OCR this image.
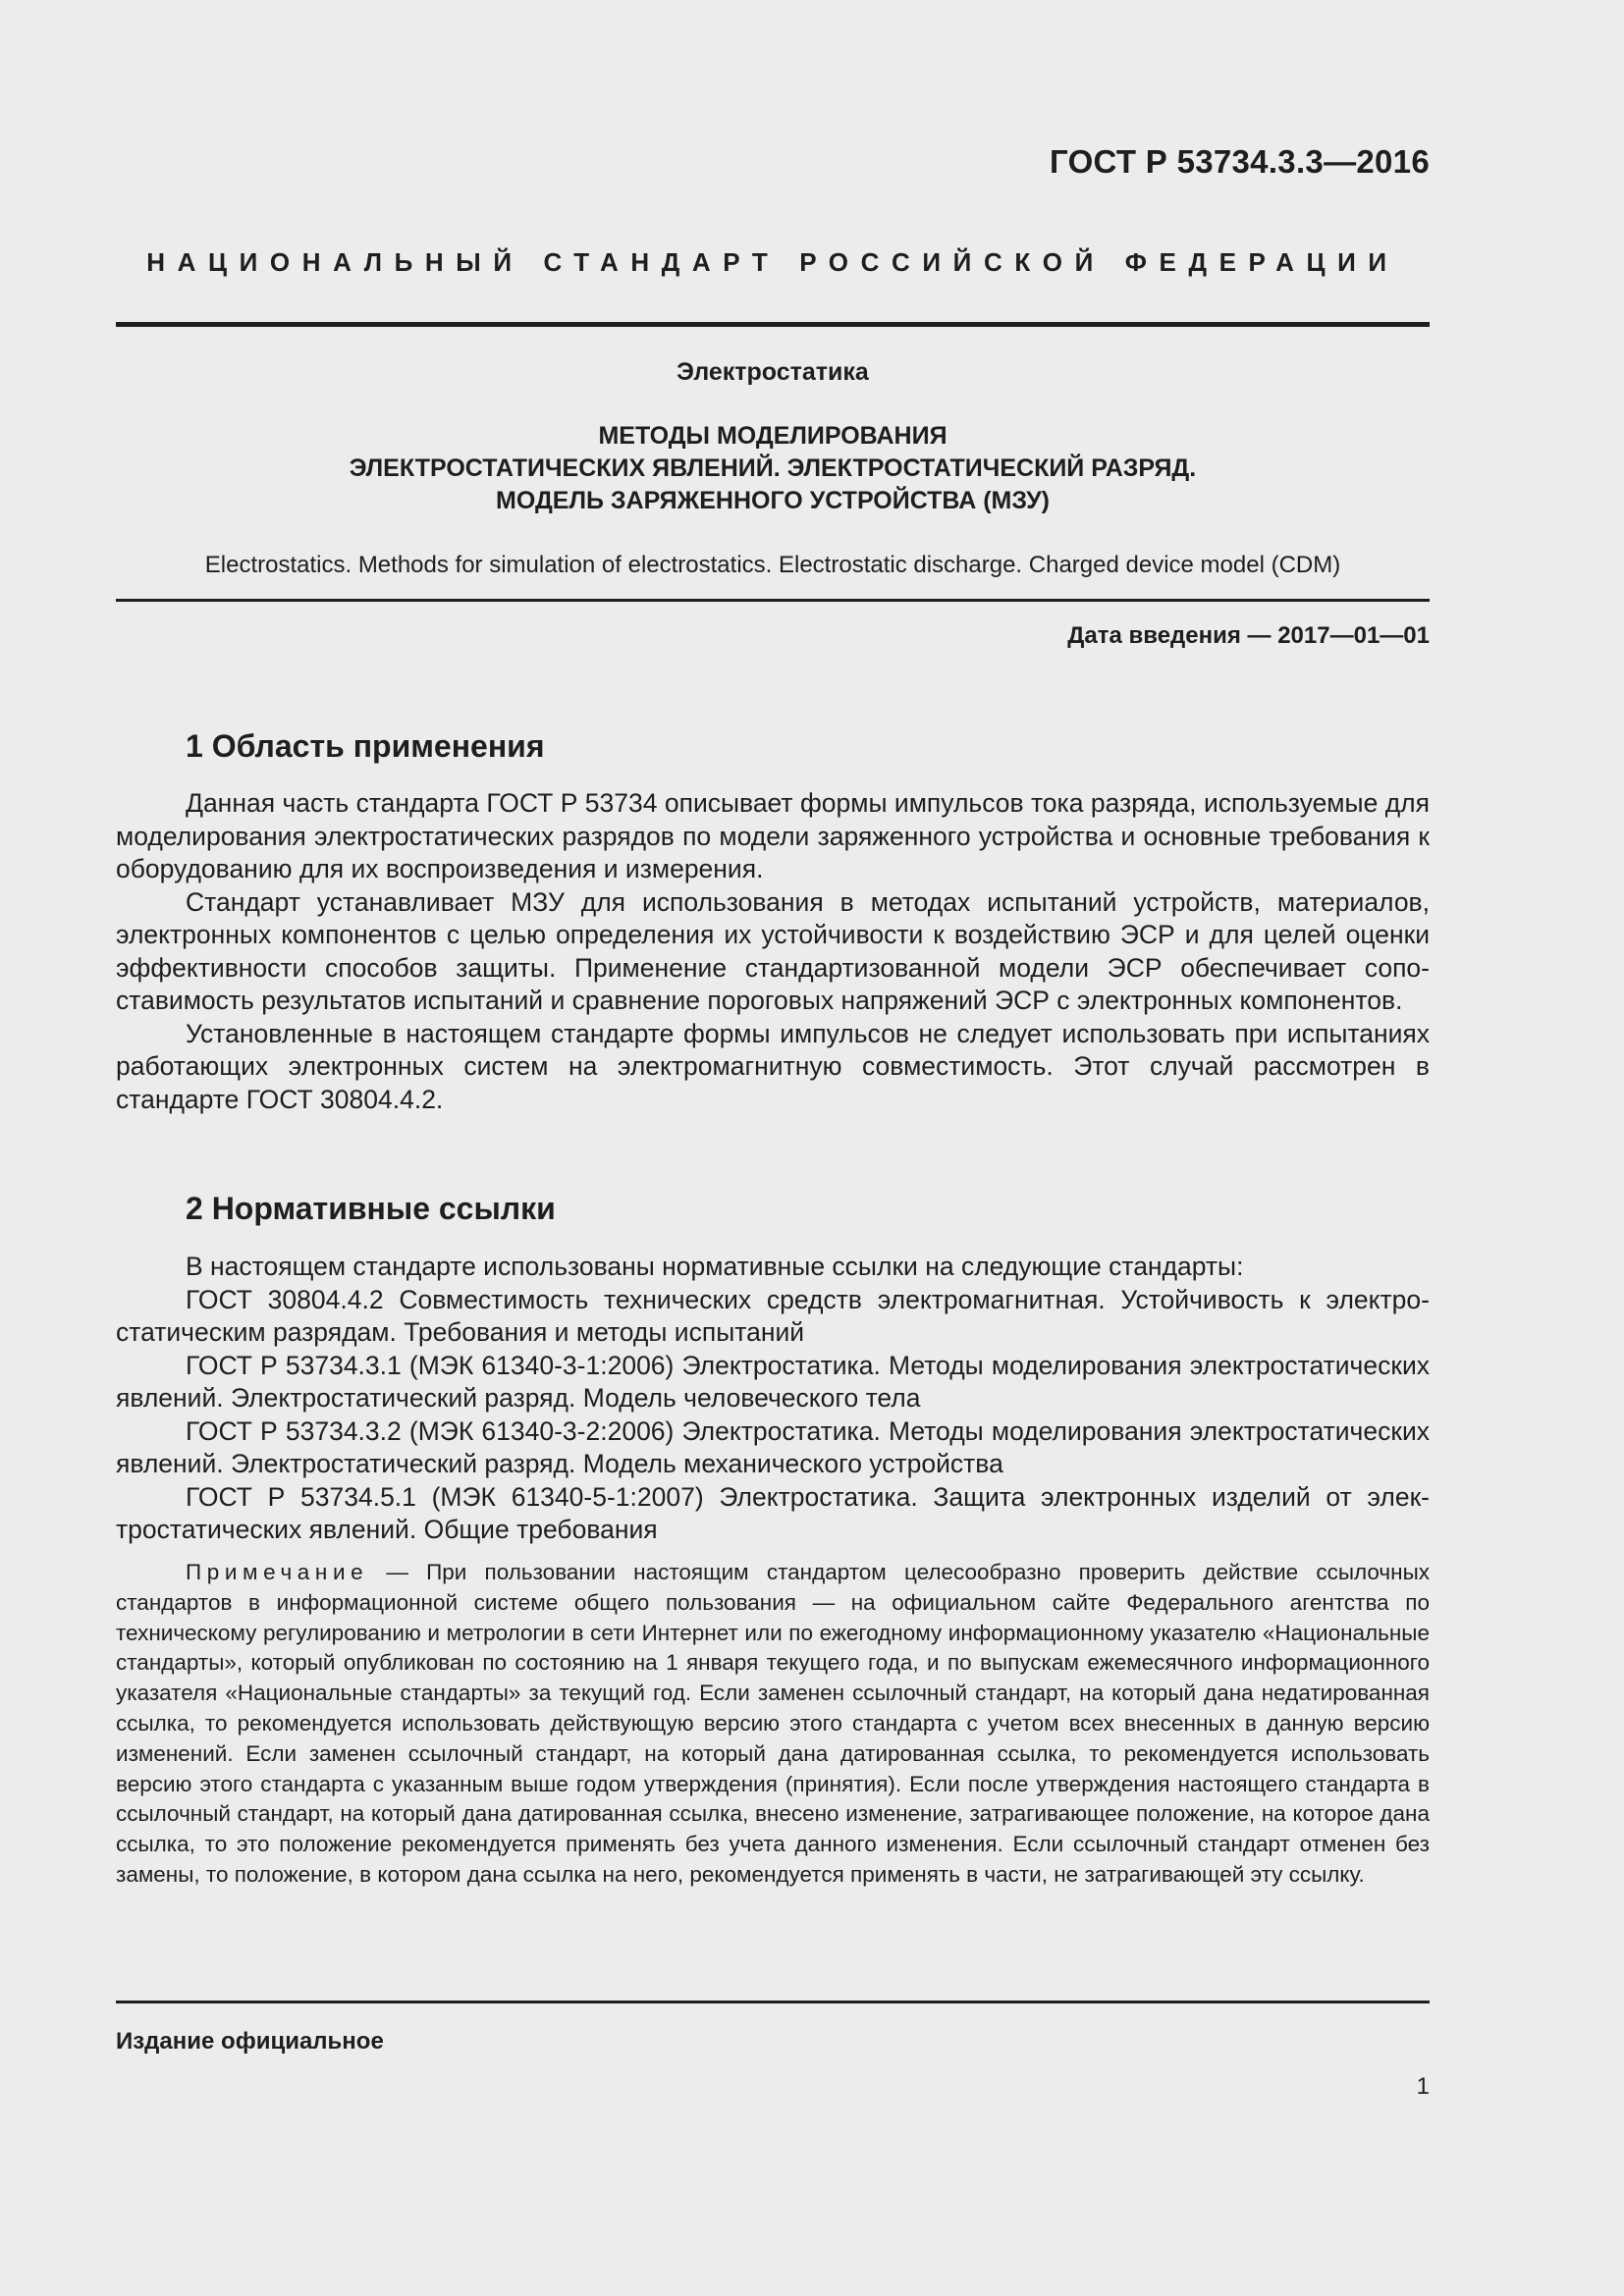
ГОСТ Р 53734.3.3—2016
НАЦИОНАЛЬНЫЙ СТАНДАРТ РОССИЙСКОЙ ФЕДЕРАЦИИ
Электростатика
МЕТОДЫ МОДЕЛИРОВАНИЯ
ЭЛЕКТРОСТАТИЧЕСКИХ ЯВЛЕНИЙ. ЭЛЕКТРОСТАТИЧЕСКИЙ РАЗРЯД.
МОДЕЛЬ ЗАРЯЖЕННОГО УСТРОЙСТВА (МЗУ)
Electrostatics. Methods for simulation of electrostatics. Electrostatic discharge. Charged device model (CDM)
Дата введения — 2017—01—01
1 Область применения

Данная часть стандарта ГОСТ Р 53734 описывает формы импульсов тока разряда, используемые для моделирования электростатических разрядов по модели заряженного устройства и основные требования к оборудованию для их воспроизведения и измерения.

Стандарт устанавливает МЗУ для использования в методах испытаний устройств, материалов, электронных компонентов с целью определения их устойчивости к воздействию ЭСР и для целей оценки эффективности способов защиты. Применение стандартизованной модели ЭСР обеспечивает сопоставимость результатов испытаний и сравнение пороговых напряжений ЭСР с электронных компонентов.

Установленные в настоящем стандарте формы импульсов не следует использовать при испытаниях работающих электронных систем на электромагнитную совместимость. Этот случай рассмотрен в стандарте ГОСТ 30804.4.2.

2 Нормативные ссылки

В настоящем стандарте использованы нормативные ссылки на следующие стандарты:

ГОСТ 30804.4.2 Совместимость технических средств электромагнитная. Устойчивость к электростатическим разрядам. Требования и методы испытаний

ГОСТ Р 53734.3.1 (МЭК 61340-3-1:2006) Электростатика. Методы моделирования электростатических явлений. Электростатический разряд. Модель человеческого тела

ГОСТ Р 53734.3.2 (МЭК 61340-3-2:2006) Электростатика. Методы моделирования электростатических явлений. Электростатический разряд. Модель механического устройства

ГОСТ Р 53734.5.1 (МЭК 61340-5-1:2007) Электростатика. Защита электронных изделий от электростатических явлений. Общие требования

Примечание — При пользовании настоящим стандартом целесообразно проверить действие ссылочных стандартов в информационной системе общего пользования — на официальном сайте Федерального агентства по техническому регулированию и метрологии в сети Интернет или по ежегодному информационному указателю «Национальные стандарты», который опубликован по состоянию на 1 января текущего года, и по выпускам ежемесячного информационного указателя «Национальные стандарты» за текущий год. Если заменен ссылочный стандарт, на который дана недатированная ссылка, то рекомендуется использовать действующую версию этого стандарта с учетом всех внесенных в данную версию изменений. Если заменен ссылочный стандарт, на который дана датированная ссылка, то рекомендуется использовать версию этого стандарта с указанным выше годом утверждения (принятия). Если после утверждения настоящего стандарта в ссылочный стандарт, на который дана датированная ссылка, внесено изменение, затрагивающее положение, на которое дана ссылка, то это положение рекомендуется применять без учета данного изменения. Если ссылочный стандарт отменен без замены, то положение, в котором дана ссылка на него, рекомендуется применять в части, не затрагивающей эту ссылку.
Издание официальное
1
